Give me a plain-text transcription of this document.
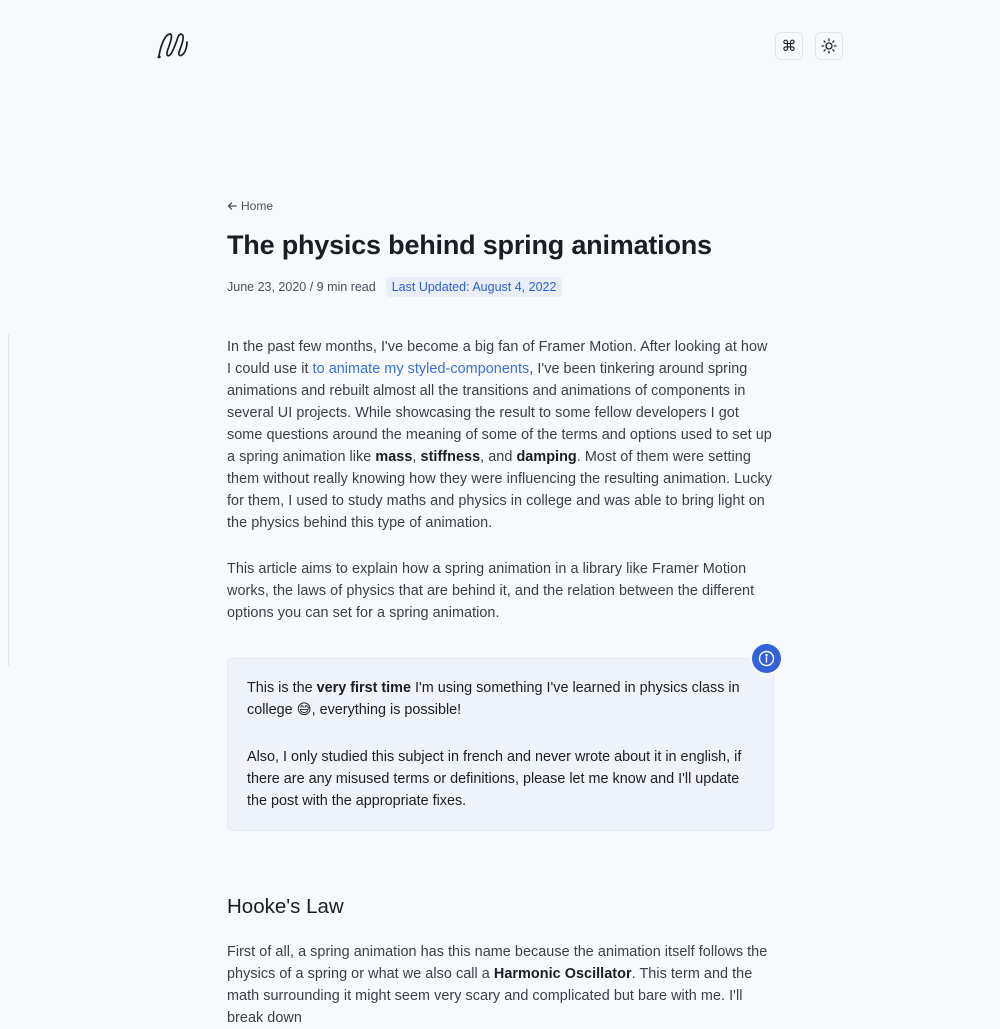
⌘
Home
The physics behind spring animations
June 23, 2020 / 9 min read	Last Updated: August 4, 2022

In the past few months, I've become a big fan of Framer Motion. After looking at how I could use it to animate my styled-components, I've been tinkering around spring animations and rebuilt almost all the transitions and animations of components in several UI projects. While showcasing the result to some fellow developers I got some questions around the meaning of some of the terms and options used to set up a spring animation like mass, stiffness, and damping. Most of them were setting them without really knowing how they were influencing the resulting animation. Lucky for them, I used to study maths and physics in college and was able to bring light on the physics behind this type of animation.

This article aims to explain how a spring animation in a library like Framer Motion works, the laws of physics that are behind it, and the relation between the different options you can set for a spring animation.

This is the very first time I'm using something I've learned in physics class in college 😅, everything is possible!

Also, I only studied this subject in french and never wrote about it in english, if there are any misused terms or definitions, please let me know and I'll update the post with the appropriate fixes.

Hooke's Law

First of all, a spring animation has this name because the animation itself follows the physics of a spring or what we also call a Harmonic Oscillator. This term and the math surrounding it might seem very scary and complicated but bare with me. I'll break down
